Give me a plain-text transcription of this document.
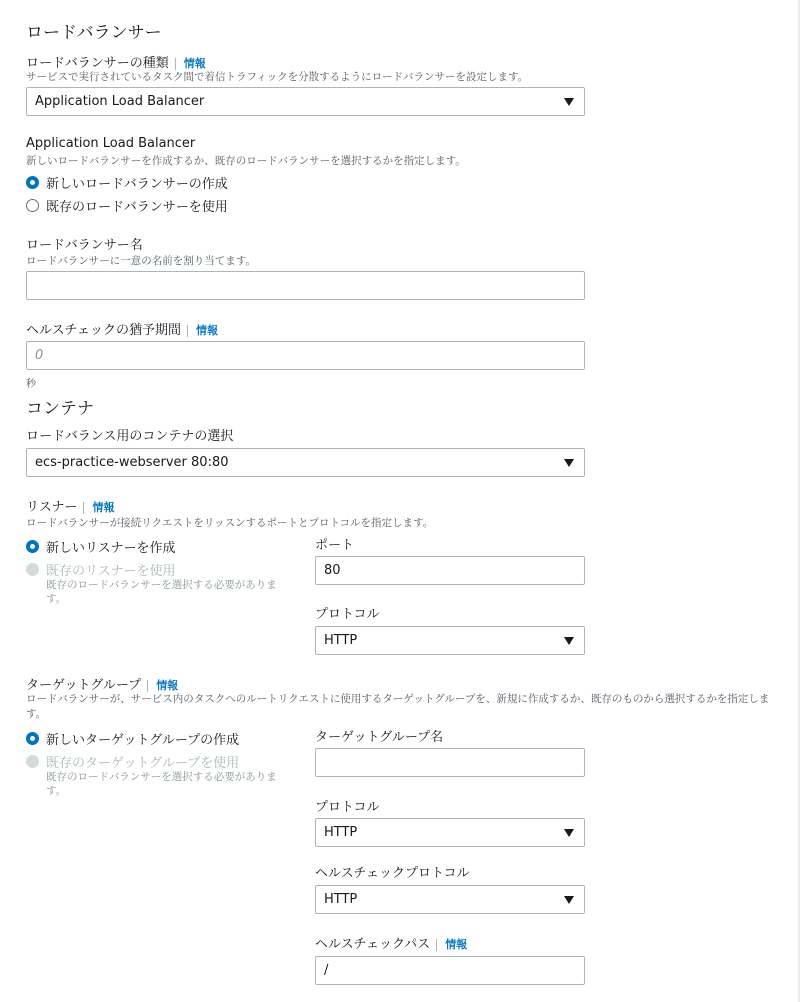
ロードバランサー
ロードバランサーの種類 情報
サービスで実行されているタスク間で着信トラフィックを分散するようにロードバランサーを設定します。
Application Load Balancer
Application Load Balancer
新しいロードバランサーを作成するか、既存のロードバランサーを選択するかを指定します。
新しいロードバランサーの作成
既存のロードバランサーを使用
ロードバランサー名
ロードバランサーに一意の名前を割り当てます。
ヘルスチェックの猶予期間 情報
0
秒
コンテナ
ロードバランス用のコンテナの選択
ecs-practice-webserver 80:80
リスナー 情報
ロードバランサーが接続リクエストをリッスンするポートとプロトコルを指定します。
新しいリスナーを作成
既存のリスナーを使用
既存のロードバランサーを選択する必要があります。
ポート
80
プロトコル
HTTP
ターゲットグループ 情報
ロードバランサーが、サービス内のタスクへのルートリクエストに使用するターゲットグループを、新規に作成するか、既存のものから選択するかを指定します。
新しいターゲットグループの作成
既存のターゲットグループを使用
既存のロードバランサーを選択する必要があります。
ターゲットグループ名
プロトコル
HTTP
ヘルスチェックプロトコル
HTTP
ヘルスチェックパス 情報
/
